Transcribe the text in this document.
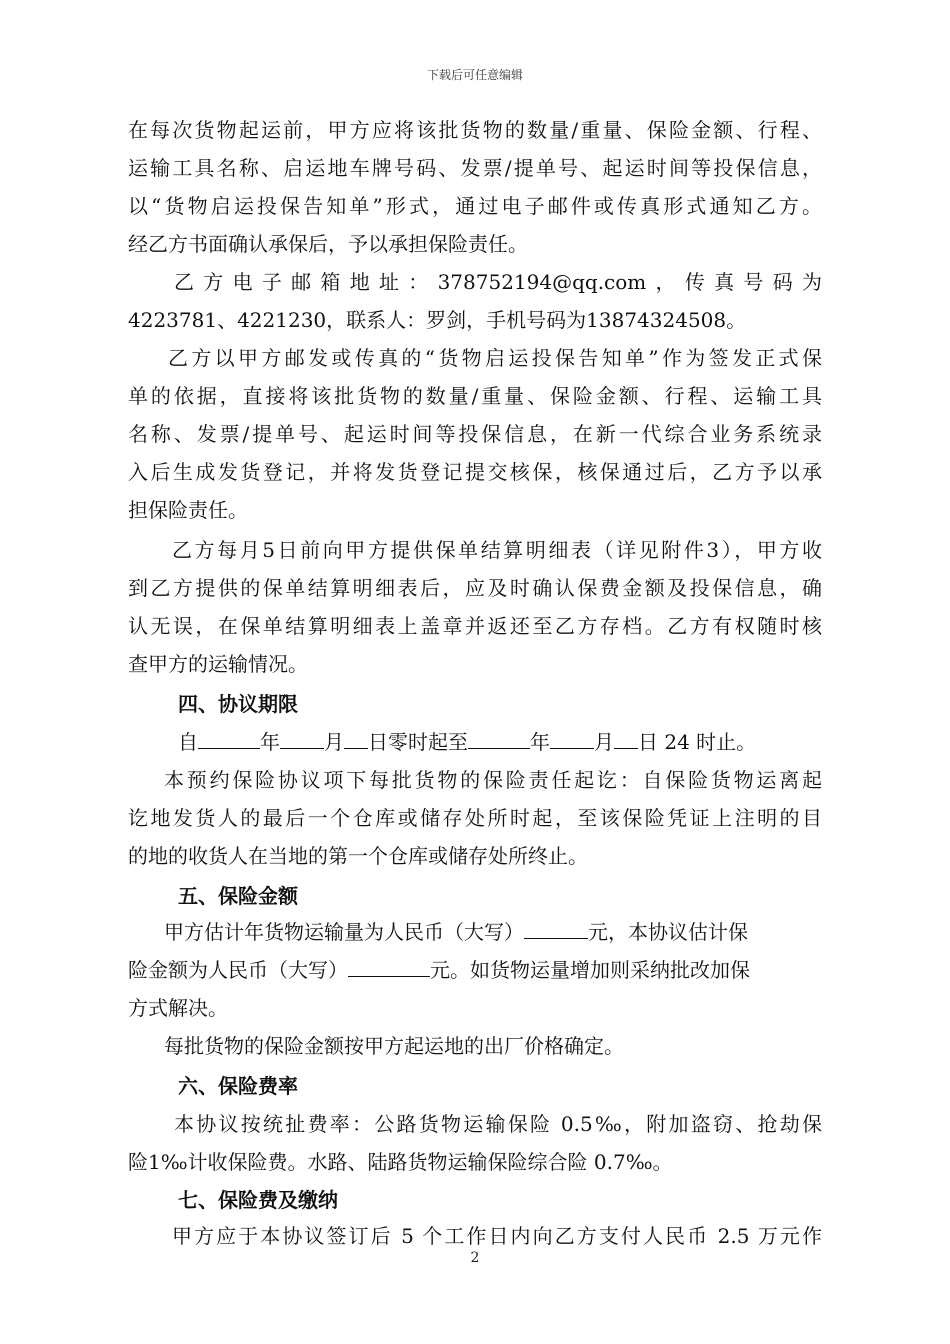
下载后可任意编辑
在每次货物起运前，甲方应将该批货物的数量/重量、保险金额、行程、
运输工具名称、启运地车牌号码、发票/提单号、起运时间等投保信息，
以“货物启运投保告知单”形式，通过电子邮件或传真形式通知乙方。
经乙方书面确认承保后，予以承担保险责任。
乙方电子邮箱地址：378752194@qq.com，传真号码为
4223781、4221230，联系人：罗剑，手机号码为13874324508。
乙方以甲方邮发或传真的“货物启运投保告知单”作为签发正式保
单的依据，直接将该批货物的数量/重量、保险金额、行程、运输工具
名称、发票/提单号、起运时间等投保信息，在新一代综合业务系统录
入后生成发货登记，并将发货登记提交核保，核保通过后，乙方予以承
担保险责任。
乙方每月5日前向甲方提供保单结算明细表（详见附件3），甲方收
到乙方提供的保单结算明细表后，应及时确认保费金额及投保信息，确
认无误，在保单结算明细表上盖章并返还至乙方存档。乙方有权随时核
查甲方的运输情况。
四、协议期限
自	年 月 日零时起至	年 月 日 24 时止。
本预约保险协议项下每批货物的保险责任起讫：自保险货物运离起
讫地发货人的最后一个仓库或储存处所时起，至该保险凭证上注明的目
的地的收货人在当地的第一个仓库或储存处所终止。
五、保险金额
甲方估计年货物运输量为人民币（大写）	元，本协议估计保
险金额为人民币（大写）	元。如货物运量增加则采纳批改加保
方式解决。
每批货物的保险金额按甲方起运地的出厂价格确定。
六、保险费率
本协议按统扯费率：公路货物运输保险 0.5‰，附加盗窃、抢劫保
险1‰计收保险费。水路、陆路货物运输保险综合险 0.7‰。
七、保险费及缴纳
甲方应于本协议签订后 5 个工作日内向乙方支付人民币 2.5 万元作
2
